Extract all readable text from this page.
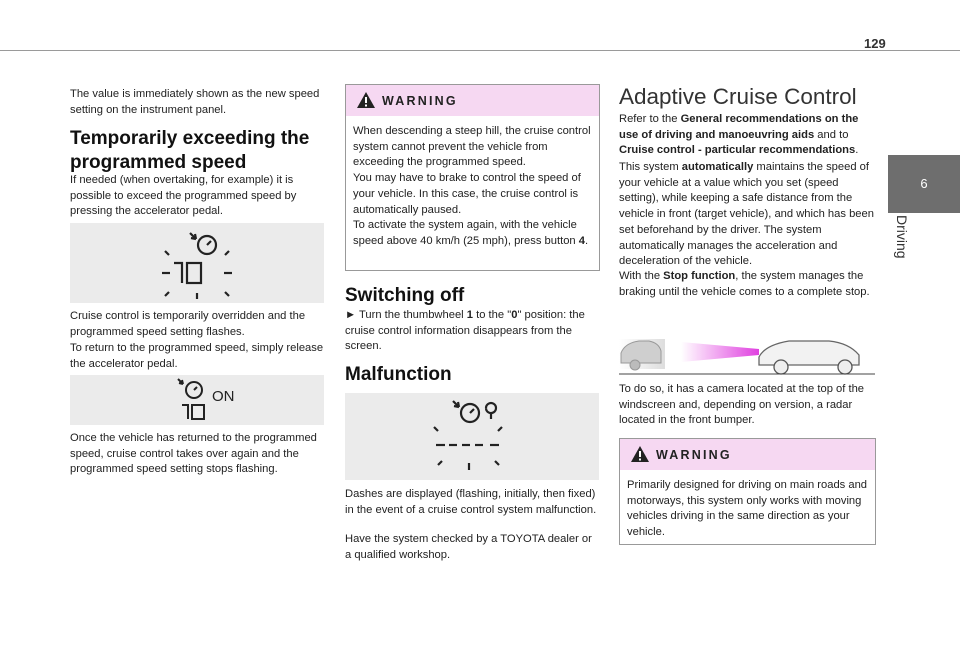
129
6
Driving

The value is immediately shown as the new speed setting on the instrument panel.

Temporarily exceeding the
programmed speed

If needed (when overtaking, for example) it is possible to exceed the programmed speed by pressing the accelerator pedal.

Cruise control is temporarily overridden and the programmed speed setting flashes.

To return to the programmed speed, simply release the accelerator pedal.

ON

Once the vehicle has returned to the programmed speed, cruise control takes over again and the programmed speed setting stops flashing.

WARNING

When descending a steep hill, the cruise control system cannot prevent the vehicle from exceeding the programmed speed.

You may have to brake to control the speed of your vehicle. In this case, the cruise control is automatically paused.

To activate the system again, with the vehicle speed above 40 km/h (25 mph), press button 4.

Switching off

► Turn the thumbwheel 1 to the "0" position: the cruise control information disappears from the screen.

Malfunction

Dashes are displayed (flashing, initially, then fixed) in the event of a cruise control system malfunction.

Have the system checked by a TOYOTA dealer or a qualified workshop.

Adaptive Cruise Control

Refer to the General recommendations on the use of driving and manoeuvring aids and to Cruise control - particular recommendations.

This system automatically maintains the speed of your vehicle at a value which you set (speed setting), while keeping a safe distance from the vehicle in front (target vehicle), and which has been set beforehand by the driver. The system automatically manages the acceleration and deceleration of the vehicle.

With the Stop function, the system manages the braking until the vehicle comes to a complete stop.

To do so, it has a camera located at the top of the windscreen and, depending on version, a radar located in the front bumper.

WARNING

Primarily designed for driving on main roads and motorways, this system only works with moving vehicles driving in the same direction as your vehicle.
